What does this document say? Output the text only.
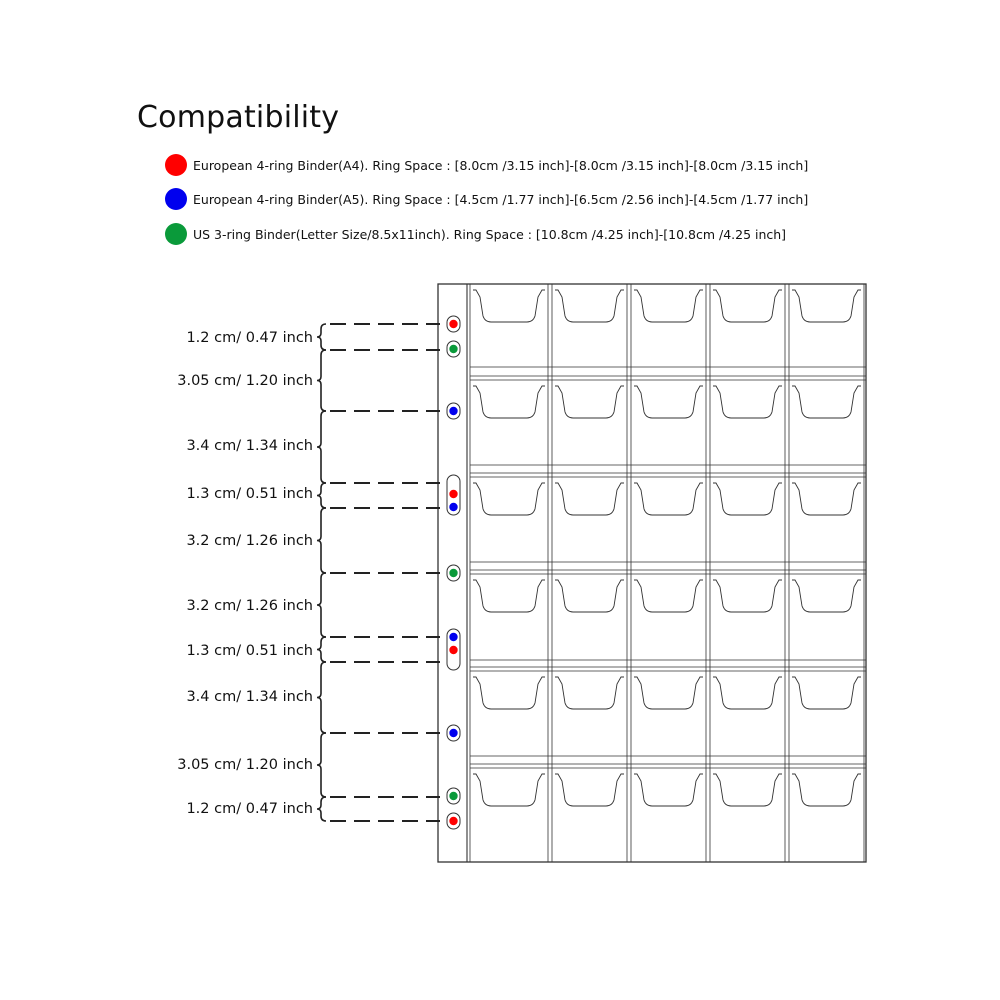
Compatibility
European 4-ring Binder(A4). Ring Space : [8.0cm /3.15 inch]-[8.0cm /3.15 inch]-[8.0cm /3.15 inch]
European 4-ring Binder(A5). Ring Space : [4.5cm /1.77 inch]-[6.5cm /2.56 inch]-[4.5cm /1.77 inch]
US 3-ring Binder(Letter Size/8.5x11inch). Ring Space : [10.8cm /4.25 inch]-[10.8cm /4.25 inch]
1.2 cm/ 0.47 inch
3.05 cm/ 1.20 inch
3.4 cm/ 1.34 inch
1.3 cm/ 0.51 inch
3.2 cm/ 1.26 inch
3.2 cm/ 1.26 inch
1.3 cm/ 0.51 inch
3.4 cm/ 1.34 inch
3.05 cm/ 1.20 inch
1.2 cm/ 0.47 inch
